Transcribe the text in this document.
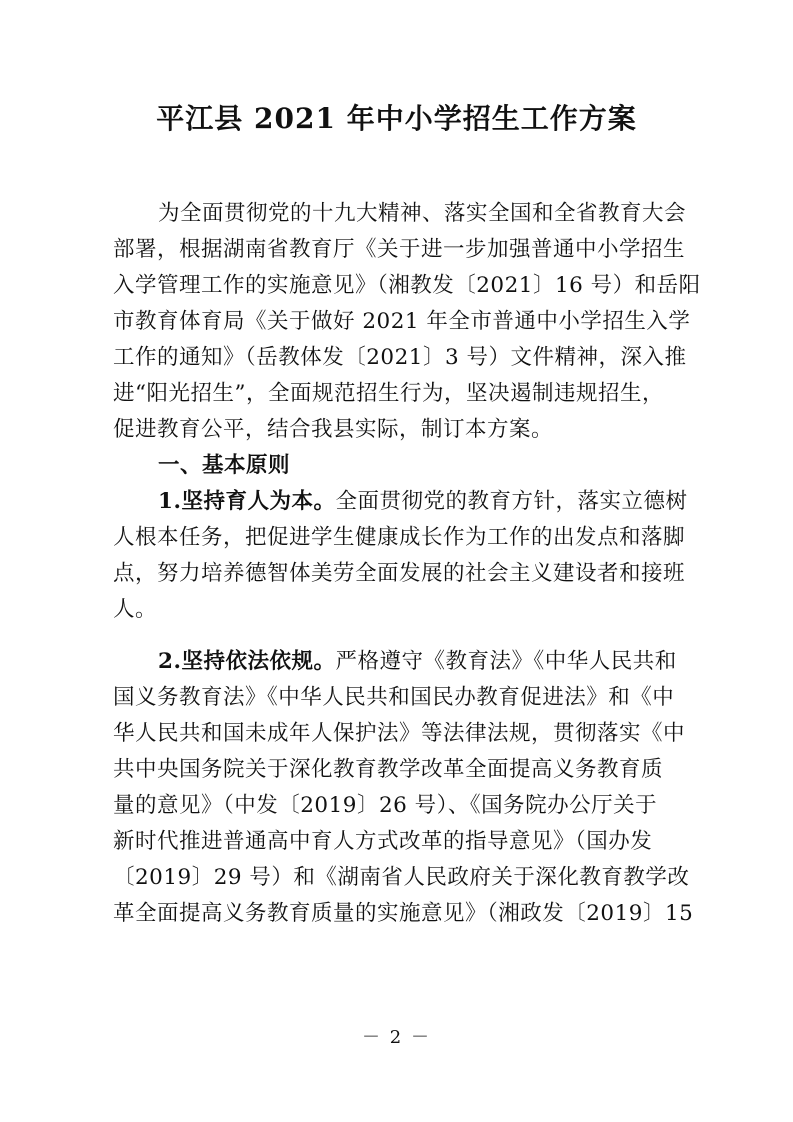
平江县 2021 年中小学招生工作方案
为全面贯彻党的十九大精神、落实全国和全省教育大会
部署，根据湖南省教育厅《关于进一步加强普通中小学招生
入学管理工作的实施意见》（湘教发〔2021〕16 号）和岳阳
市教育体育局《关于做好 2021 年全市普通中小学招生入学
工作的通知》（岳教体发〔2021〕3 号）文件精神，深入推
进“阳光招生”，全面规范招生行为，坚决遏制违规招生，
促进教育公平，结合我县实际，制订本方案。
一、基本原则
1.坚持育人为本。全面贯彻党的教育方针，落实立德树
人根本任务，把促进学生健康成长作为工作的出发点和落脚
点，努力培养德智体美劳全面发展的社会主义建设者和接班
人。
2.坚持依法依规。严格遵守《教育法》《中华人民共和
国义务教育法》《中华人民共和国民办教育促进法》和《中
华人民共和国未成年人保护法》等法律法规，贯彻落实《中
共中央国务院关于深化教育教学改革全面提高义务教育质
量的意见》（中发〔2019〕26 号）、《国务院办公厅关于
新时代推进普通高中育人方式改革的指导意见》（国办发
〔2019〕29 号）和《湖南省人民政府关于深化教育教学改
革全面提高义务教育质量的实施意见》（湘政发〔2019〕15
－ 2 －
